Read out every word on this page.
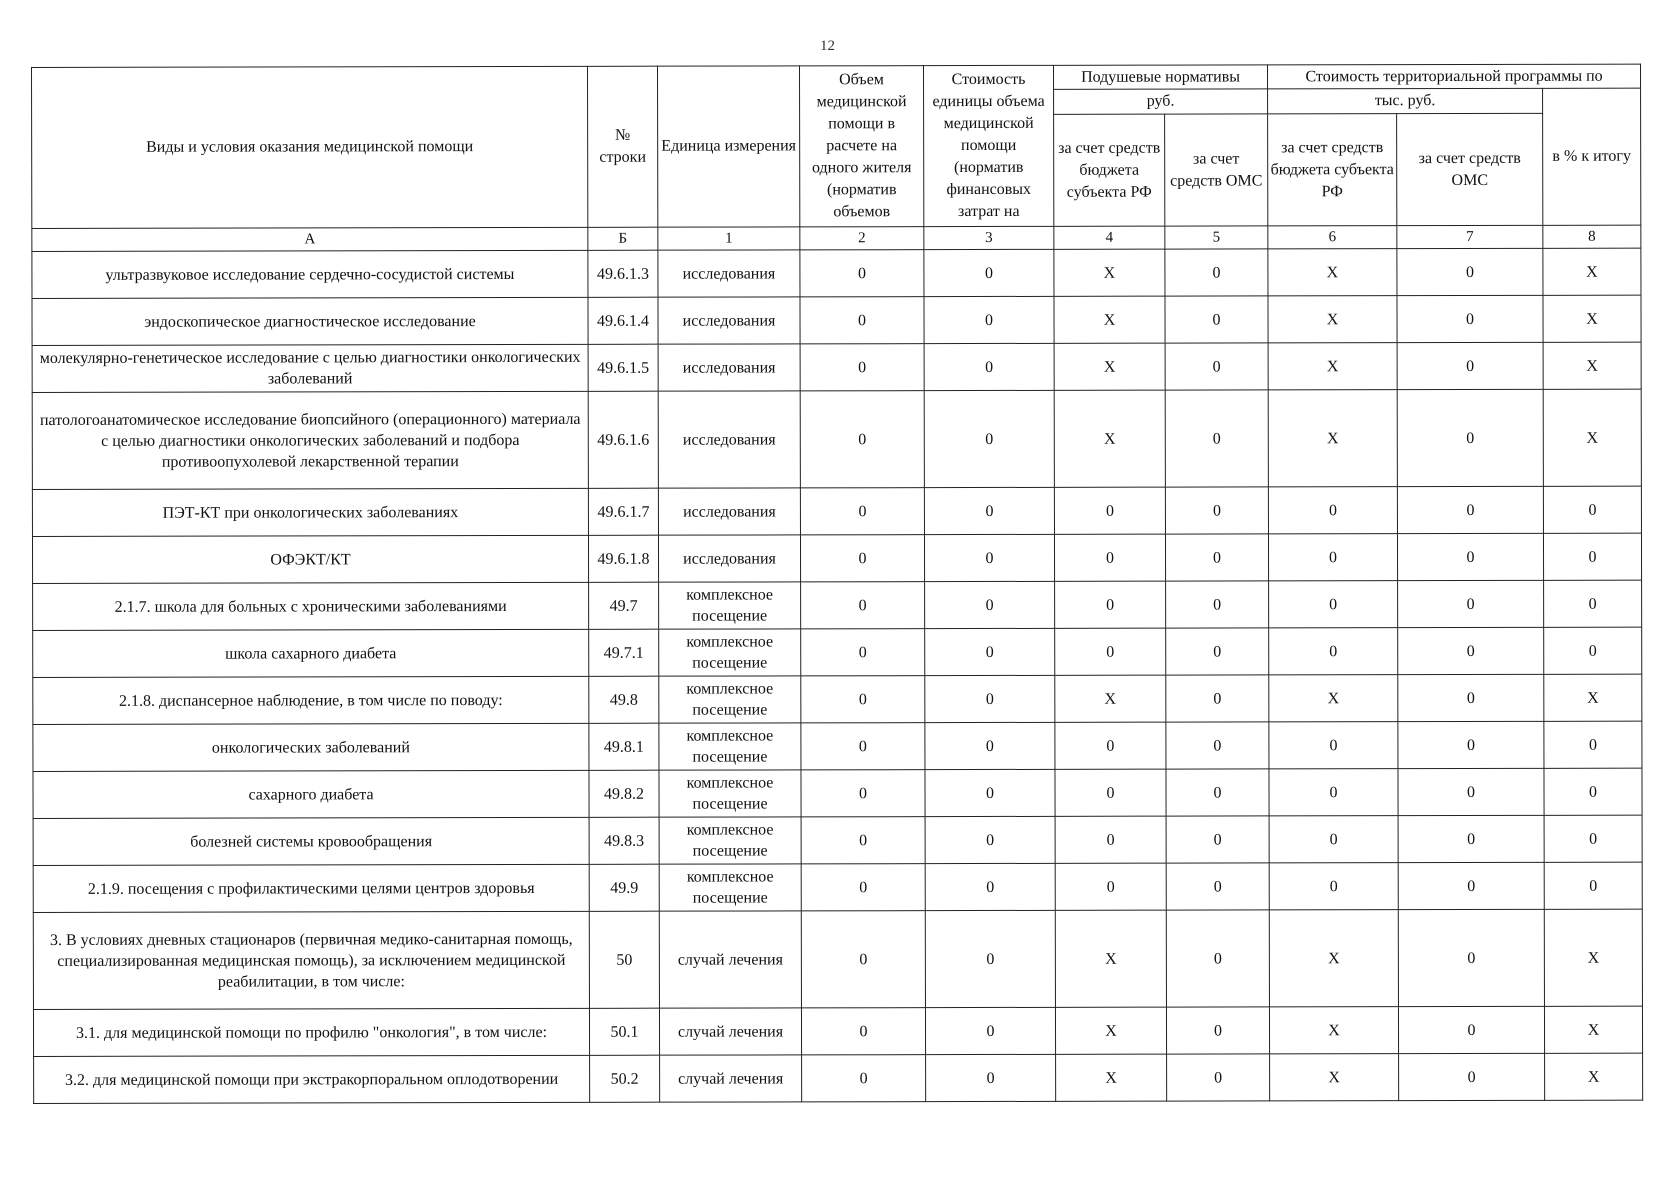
12
Виды и условия оказания медицинской помощи	№ строки	Единица измерения	Объем медицинской помощи в расчете на одного жителя (норматив объемов	Стоимость единицы объема медицинской помощи (норматив финансовых затрат на	Подушевые нормативы		Стоимость территориальной программы по		
					руб.		тыс. руб.		в % к итогу
					за счет средств бюджета субъекта РФ	за счет средств ОМС	за счет средств бюджета субъекта РФ	за счет средств ОМС	
А	Б	1	2	3	4	5	6	7	8
ультразвуковое исследование сердечно-сосудистой системы	49.6.1.3	исследования	0	0	X	0	X	0	X
эндоскопическое диагностическое исследование	49.6.1.4	исследования	0	0	X	0	X	0	X
молекулярно-генетическое исследование с целью диагностики онкологических заболеваний	49.6.1.5	исследования	0	0	X	0	X	0	X
патологоанатомическое исследование биопсийного (операционного) материала с целью диагностики онкологических заболеваний и подбора противоопухолевой лекарственной терапии	49.6.1.6	исследования	0	0	X	0	X	0	X
ПЭТ-КТ при онкологических заболеваниях	49.6.1.7	исследования	0	0	0	0	0	0	0
ОФЭКТ/КТ	49.6.1.8	исследования	0	0	0	0	0	0	0
2.1.7. школа для больных с хроническими заболеваниями	49.7	комплексное посещение	0	0	0	0	0	0	0
школа сахарного диабета	49.7.1	комплексное посещение	0	0	0	0	0	0	0
2.1.8. диспансерное наблюдение, в том числе по поводу:	49.8	комплексное посещение	0	0	X	0	X	0	X
онкологических заболеваний	49.8.1	комплексное посещение	0	0	0	0	0	0	0
сахарного диабета	49.8.2	комплексное посещение	0	0	0	0	0	0	0
болезней системы кровообращения	49.8.3	комплексное посещение	0	0	0	0	0	0	0
2.1.9. посещения с профилактическими целями центров здоровья	49.9	комплексное посещение	0	0	0	0	0	0	0
3. В условиях дневных стационаров (первичная медико-санитарная помощь, специализированная медицинская помощь), за исключением медицинской реабилитации, в том числе:	50	случай лечения	0	0	X	0	X	0	X
3.1. для медицинской помощи по профилю "онкология", в том числе:	50.1	случай лечения	0	0	X	0	X	0	X
3.2. для медицинской помощи при экстракорпоральном оплодотворении	50.2	случай лечения	0	0	X	0	X	0	X
